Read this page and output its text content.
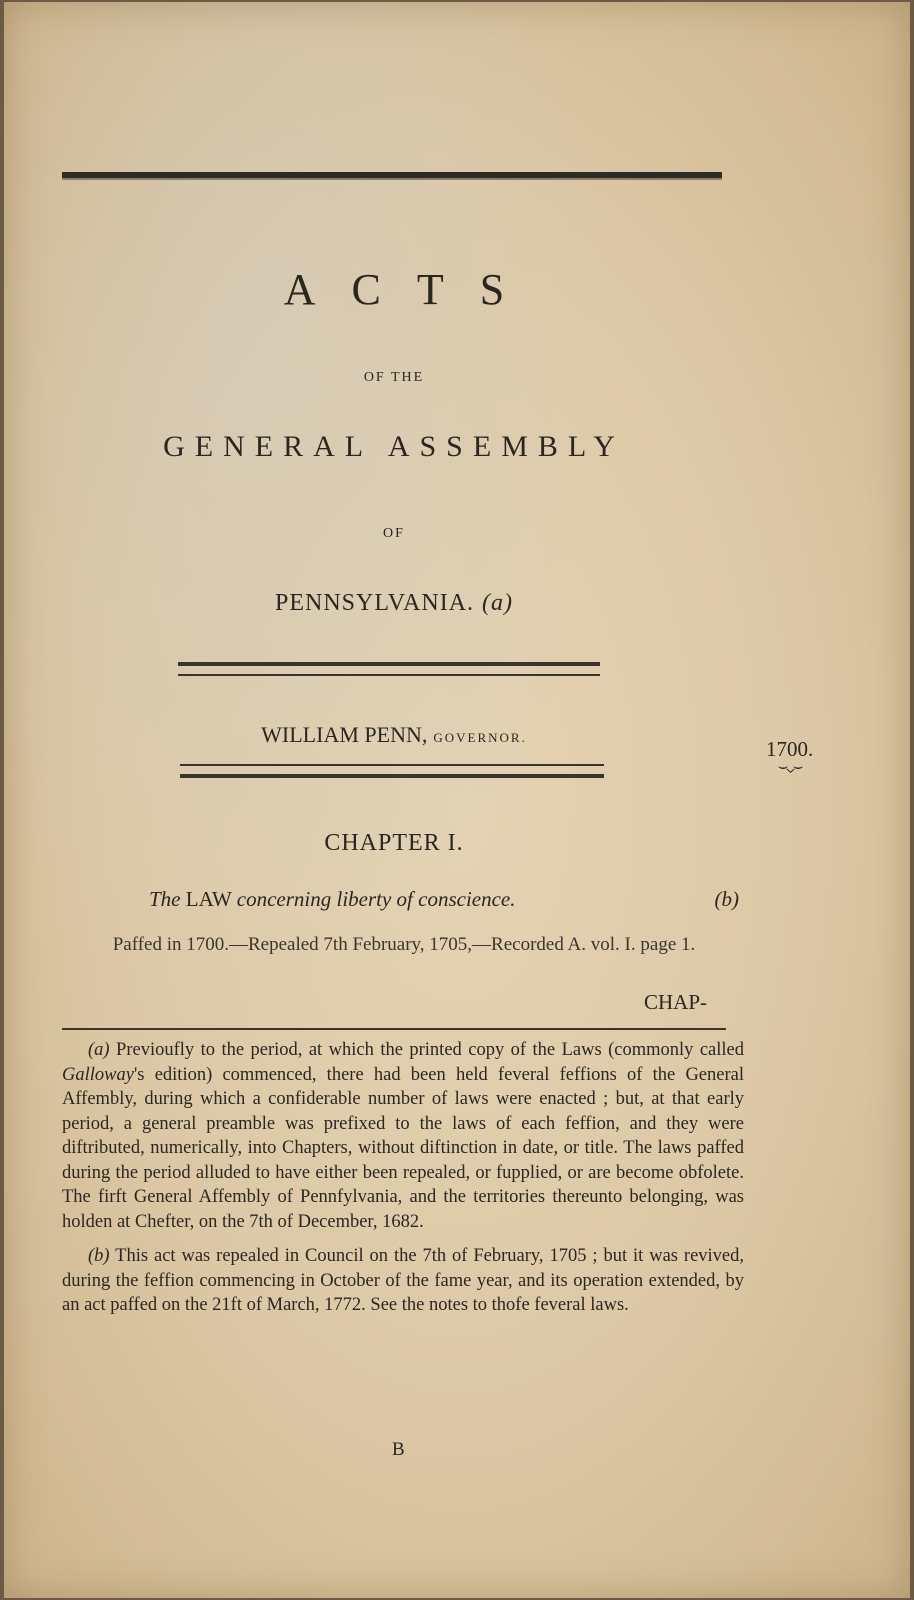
ACTS
OF THE
GENERAL ASSEMBLY
OF
PENNSYLVANIA. (a)
WILLIAM PENN, GOVERNOR.	1700.
⌣⌄⌣
CHAPTER I.
The LAW concerning liberty of conscience.	(b)
Paffed in 1700.—Repealed 7th February, 1705,—Recorded A. vol. I. page 1.
CHAP-

(a) Previoufly to the period, at which the printed copy of the Laws (commonly called Galloway's edition) commenced, there had been held feveral feffions of the General Affembly, during which a confiderable number of laws were enacted ; but, at that early period, a general preamble was prefixed to the laws of each feffion, and they were diftributed, numerically, into Chapters, without diftinction in date, or title. The laws paffed during the period alluded to have either been repealed, or fupplied, or are become obfolete. The firft General Affembly of Pennfylvania, and the territories thereunto belonging, was holden at Chefter, on the 7th of December, 1682.

(b) This act was repealed in Council on the 7th of February, 1705 ; but it was revived, during the feffion commencing in October of the fame year, and its operation extended, by an act paffed on the 21ft of March, 1772. See the notes to thofe feveral laws.

B
